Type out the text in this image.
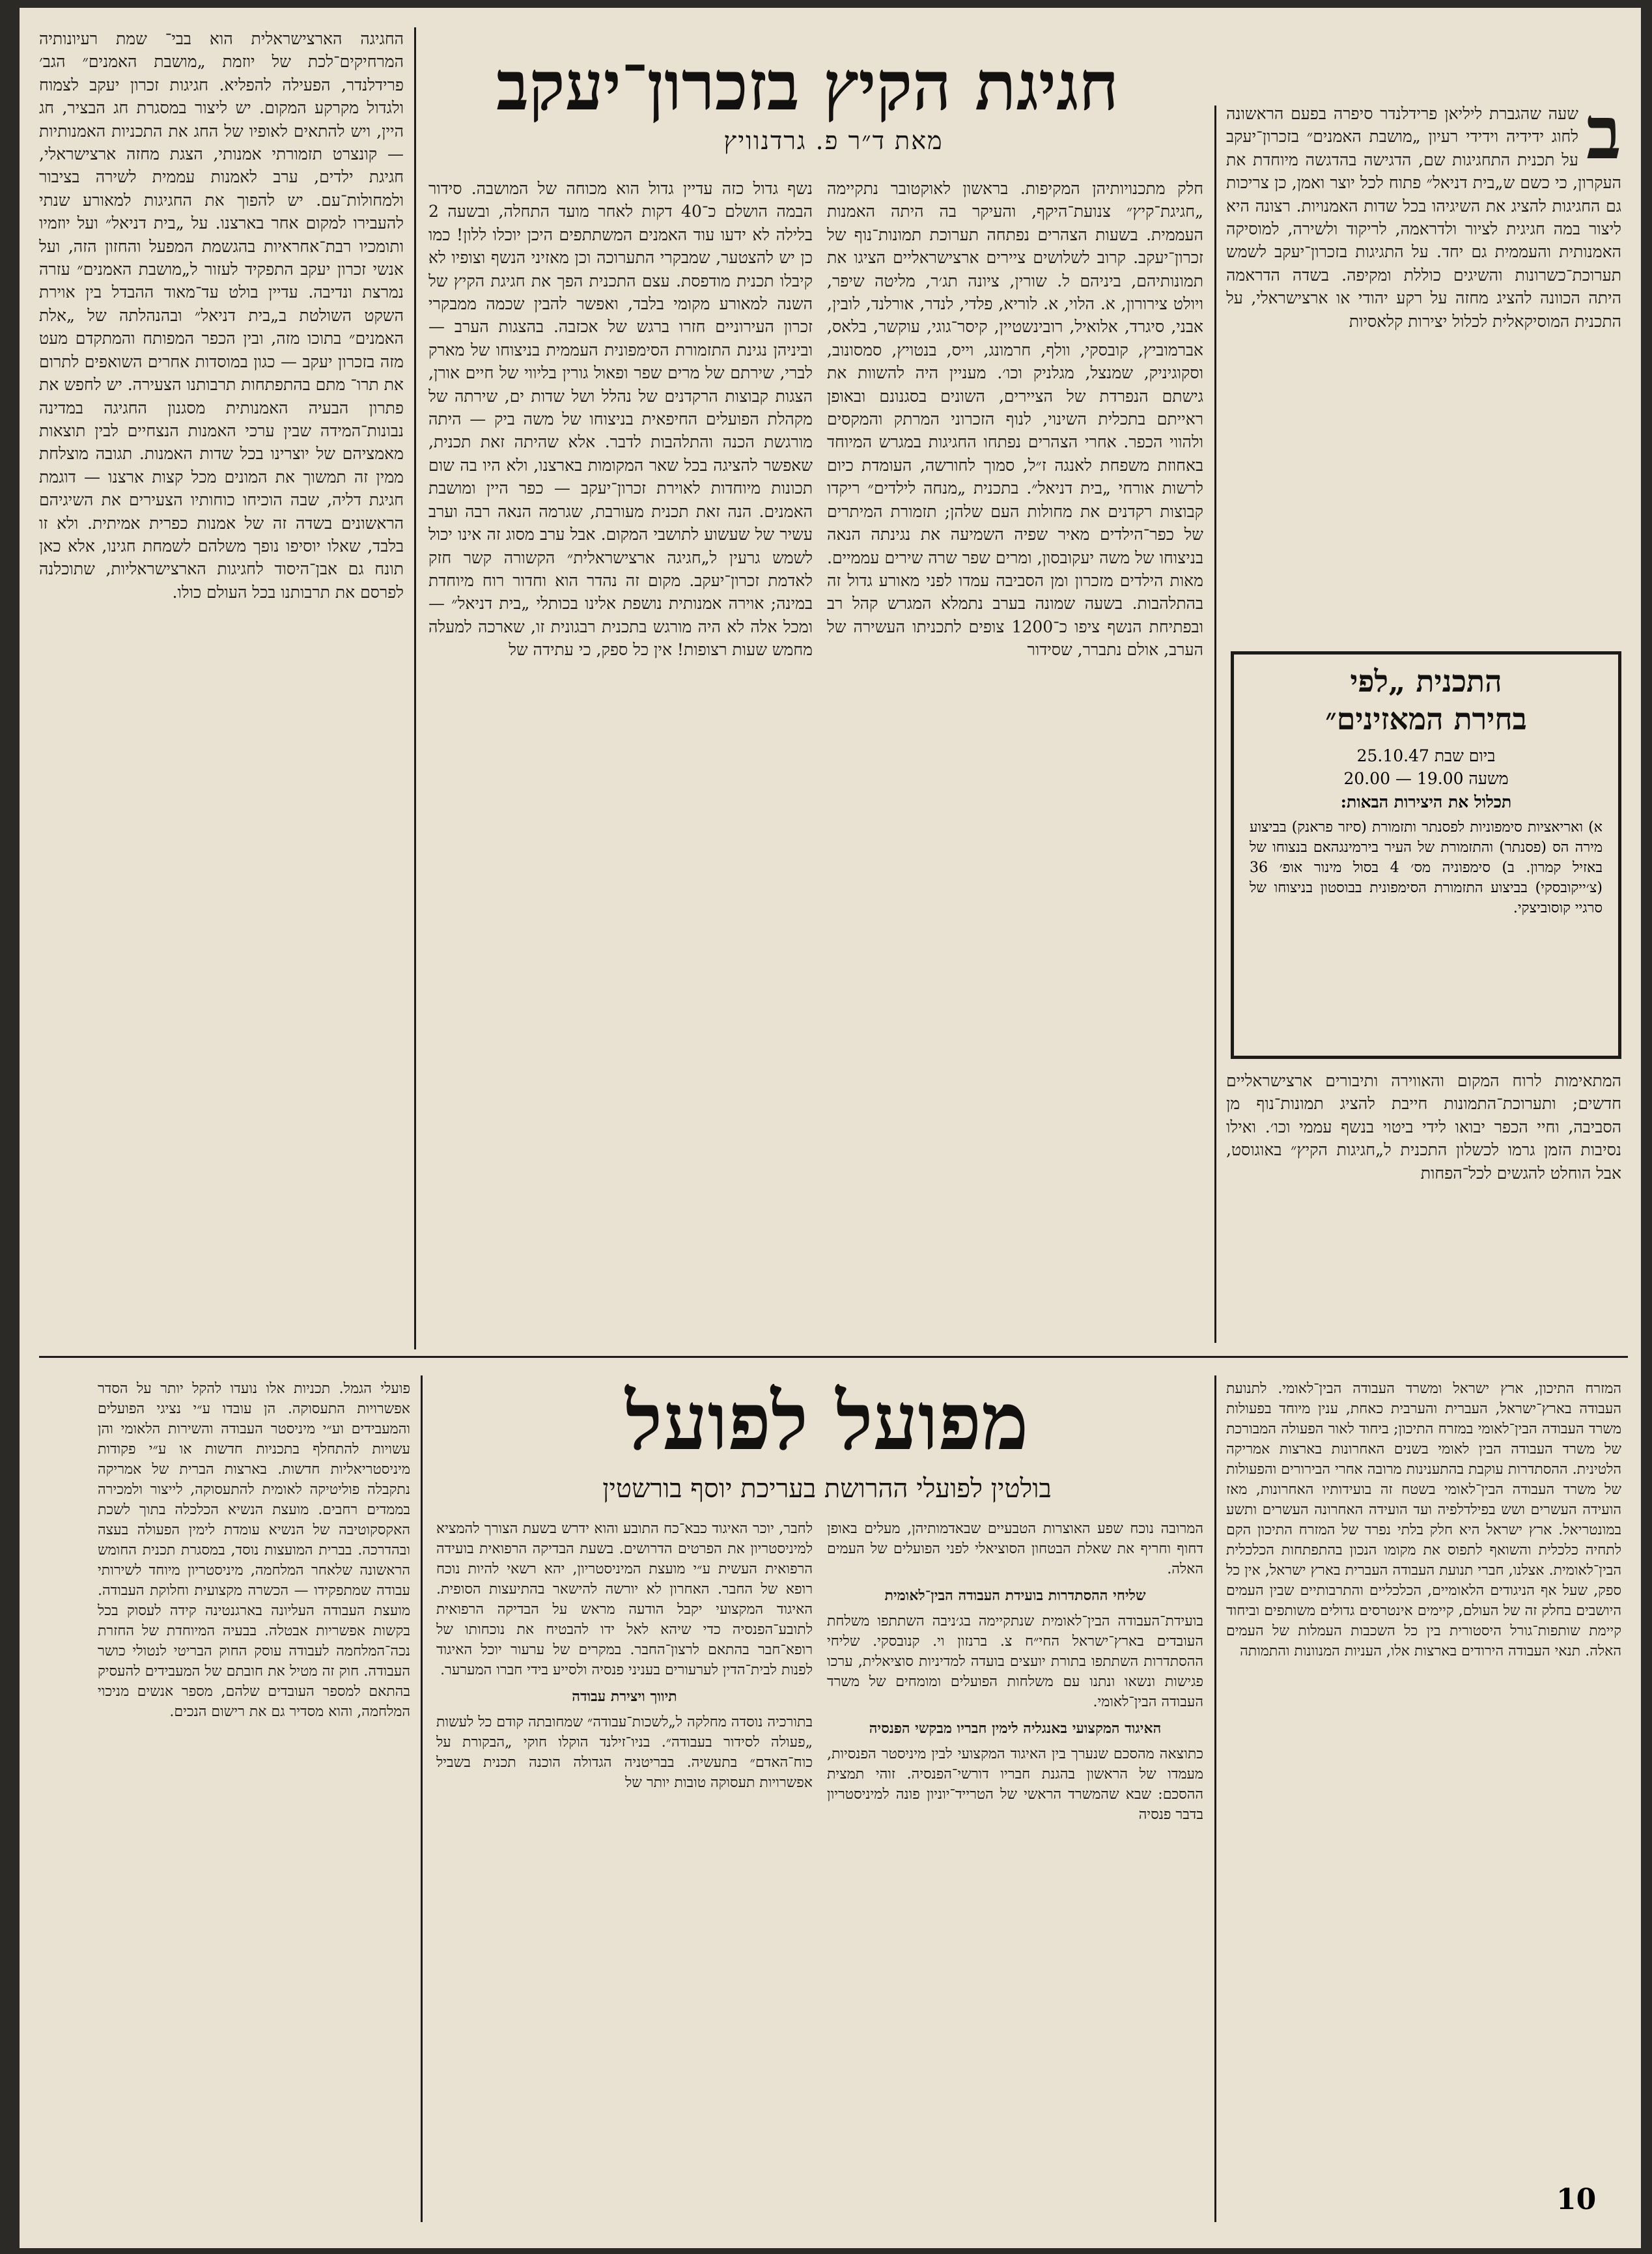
חגיגת הקיץ בזכרון־יעקב
מאת ד״ר פ. גרדנוויץ	ב

שעה שהגברת ליליאן פרידלנדר סיפרה בפעם הראשונה לחוג ידידיה וידידי רעיון „מושבת האמנים״ בזכרון־יעקב על תכנית התחגיגות שם, הדגישה בהדגשה מיוחדת את העקרון, כי כשם ש„בית דניאל״ פתוח לכל יוצר ואמן, כן צריכות גם החגיגות להציג את השיגיהו בכל שדות האמנויות. רצונה היא ליצור במה חגיגית לציור ולדראמה, לריקוד ולשירה, למוסיקה האמנותית והעממית גם יחד. על התגיגות בזכרון־יעקב לשמש תערוכת־כשרונות והשיגים כוללת ומקיפה. בשדה הדראמה היתה הכוונה להציג מחזה על רקע יהודי או ארצישראלי, על התכנית המוסיקאלית לכלול יצירות קלאסיות

התכנית „לפי
בחירת המאזינים״
ביום שבת 25.10.47
משעה 19.00 — 20.00
תכלול את היצירות הבאות:
א) ואריאציות סימפוניות לפסנתר ותזמורת (סיזר פראנק) בביצוע מירה הס (פסנתר) והתזמורת של העיר בירמינגהאם בנצוחו של באזיל קמרון. ב) סימפוניה מס׳ 4 בסול מינור אופ׳ 36 (צ׳ייקובסקי) בביצוע התזמורת הסימפונית בבוסטון בניצוחו של סרגיי קוסוביצקי.

המתאימות לרוח המקום והאווירה ותיבורים ארצישראליים חדשים; ותערוכת־התמונות חייבת להציג תמונות־נוף מן הסביבה, וחיי הכפר יבואו לידי ביטוי בנשף עממי וכו׳. ואילו נסיבות הזמן גרמו לכשלון התכנית ל„חגיגות הקיץ״ באוגוסט, אבל הוחלט להגשים לכל־הפחות

חלק מתכנויותיהן המקיפות. בראשון לאוקטובר נתקיימה „חגיגת־קיץ״ צנועת־היקף, והעיקר בה היתה האמנות העממית. בשעות הצהרים נפתחה תערוכת תמונות־נוף של זכרון־יעקב. קרוב לשלושים ציירים ארצישראליים הציגו את תמונותיהם, ביניהם ל. שורין, ציונה תג׳ר, מליטה שיפר, ויולט צירורון, א. הלוי, א. לוריא, פלדי, לנדר, אורלנד, לובין, אבני, סיגרד, אלואיל, רובינשטיין, קיסר־גוגי, עוקשר, בלאס, אברמוביץ, קובסקי, וולף, חרמונג, וייס, בנטויץ, סמסונוב, וסקוגיניק, שמנצל, מגלניק וכו׳. מעניין היה להשוות את גישתם הנפרדת של הציירים, השונים בסגנונם ובאופן ראייתם בתכלית השינוי, לנוף הזכרוני המרתק והמקסים ולהווי הכפר. אחרי הצהרים נפתחו החגיגות במגרש המיוחד באחוזת משפחת לאנגה ז״ל, סמוך לחורשה, העומדת כיום לרשות אורחי „בית דניאל״. בתכנית „מנחה לילדים״ ריקדו קבוצות רקדנים את מחולות העם שלהן; תזמורת המיתרים של כפר־הילדים מאיר שפיה השמיעה את נגינתה הנאה בניצוחו של משה יעקובסון, ומרים שפר שרה שירים עממיים. מאות הילדים מזכרון ומן הסביבה עמדו לפני מאורע גדול זה בהתלהבות. בשעה שמונה בערב נתמלא המגרש קהל רב ובפתיחת הנשף ציפו כ־1200 צופים לתכניתו העשירה של הערב, אולם נתברר, שסידור

נשף גדול כזה עדיין גדול הוא מכוחה של המושבה. סידור הבמה הושלם כ־40 דקות לאחר מועד התחלה, ובשעה 2 בלילה לא ידעו עוד האמנים המשתתפים היכן יוכלו ללון! כמו כן יש להצטער, שמבקרי התערוכה וכן מאזיני הנשף וצופיו לא קיבלו תכנית מודפסת. עצם התכנית הפך את חגיגת הקיץ של השנה למאורע מקומי בלבד, ואפשר להבין שכמה ממבקרי זכרון העירוניים חזרו ברגש של אכזבה. בהצגות הערב — וביניהן נגינת התזמורת הסימפונית העממית בניצוחו של מארק לברי, שירתם של מרים שפר ופאול גורין בליווי של חיים אורן, הצגות קבוצות הרקדנים של נהלל ושל שדות ים, שירתה של מקהלת הפועלים החיפאית בניצוחו של משה ביק — היתה מורגשת הכנה והתלהבות לדבר. אלא שהיתה זאת תכנית, שאפשר להציגה בכל שאר המקומות בארצנו, ולא היו בה שום תכונות מיוחדות לאוירת זכרון־יעקב — כפר היין ומושבת האמנים. הנה זאת תכנית מעורבת, שגרמה הנאה רבה וערב עשיר של שעשוע לתושבי המקום. אבל ערב מסוג זה אינו יכול לשמש גרעין ל„חגיגה ארצישראלית״ הקשורה קשר חזק לאדמת זכרון־יעקב. מקום זה נהדר הוא וחדור רוח מיוחדת במינה; אוירה אמנותית נושפת אלינו בכותלי „בית דניאל״ — ומכל אלה לא היה מורגש בתכנית רבגונית זו, שארכה למעלה מחמש שעות רצופות! אין כל ספק, כי עתידה של

החגיגה הארצישראלית הוא בבי־ שמת רעיונותיה המרחיקים־לכת של יוזמת „מושבת האמנים״ הגב׳ פרידלנדר, הפעילה להפליא. חגיגות זכרון יעקב לצמוח ולגדול מקרקע המקום. יש ליצור במסגרת חג הבציר, חג היין, ויש להתאים לאופיו של החג את התכניות האמנותיות — קונצרט תזמורתי אמנותי, הצגת מחזה ארצישראלי, חגיגת ילדים, ערב לאמנות עממית לשירה בציבור ולמחולות־עם. יש להפוך את החגיגות למאורע שנתי להעבירו למקום אחר בארצנו. על „בית דניאל״ ועל יוזמיו ותומכיו רבת־אחראיות בהגשמת המפעל והחזון הזה, ועל אנשי זכרון יעקב התפקיד לעזור ל„מושבת האמנים״ עזרה נמרצת ונדיבה. עדיין בולט עד־מאוד ההבדל בין אוירת השקט השולטת ב„בית דניאל״ ובהנהלתה של „אלת האמנים״ בתוכו מזה, ובין הכפר המפותח והמתקדם מעט מזה בזכרון יעקב — כגון במוסדות אחרים השואפים לתרום את תרו־ מתם בהתפתחות תרבותנו הצעירה. יש לחפש את פתרון הבעיה האמנותית מסגנון החגיגה במדינה נבונות־המידה שבין ערכי האמנות הנצחיים לבין תוצאות מאמציהם של יוצרינו בכל שדות האמנות. תגובה מוצלחת ממין זה תמשוך את המונים מכל קצות ארצנו — דוגמת חגיגת דליה, שבה הוכיחו כוחותיו הצעירים את השיגיהם הראשונים בשדה זה של אמנות כפרית אמיתית. ולא זו בלבד, שאלו יוסיפו נופך משלהם לשמחת חגינו, אלא כאן תונח גם אבן־היסוד לחגיגות הארצישראליות, שתוכלנה לפרסם את תרבותנו בכל העולם כולו.

מפועל לפועל
בולטין לפועלי ההרושת בעריכת יוסף בורשטין

המזרח התיכון, ארץ ישראל ומשרד העבודה הבין־לאומי. לתנועת העבודה בארץ־ישראל, העברית והערבית כאחת, ענין מיוחד בפעולות משרד העבודה הבין־לאומי במזרח התיכון; ביחוד לאור הפעולה המבורכת של משרד העבודה הבין לאומי בשנים האחרונות בארצות אמריקה הלטינית. ההסתדרות עוקבת בהתענינות מרובה אחרי הבירורים והפעולות של משרד העבודה הבין־לאומי בשטח זה בועידותיו האחרונות, מאז הועידה העשרים ושש בפילדלפיה ועד הועידה האחרונה העשרים ותשע במונטריאל. ארץ ישראל היא חלק בלתי נפרד של המזרח התיכון הקם לתחיה כלכלית והשואף לתפוס את מקומו הנכון בהתפתחות הכלכלית הבין־לאומית. אצלנו, חברי תנועת העבודה העברית בארץ ישראל, אין כל ספק, שעל אף הניגודים הלאומיים, הכלכליים והתרבותיים שבין העמים היושבים בחלק זה של העולם, קיימים אינטרסים גדולים משותפים וביחוד קיימת שותפות־גורל היסטורית בין כל השכבות העמלות של העמים האלה. תנאי העבודה הירודים בארצות אלו, העניות המנוונות והתמותה

המרובה נוכח שפע האוצרות הטבעיים שבאדמותיהן, מעלים באופן דחוף וחריף את שאלת הבטחון הסוציאלי לפני הפועלים של העמים האלה.

שליחי ההסתדרות בועידת העבודה הבין־לאומית

בועידת־העבודה הבין־לאומית שנתקיימה בג׳ניבה השתתפו משלחת העובדים בארץ־ישראל החי״ח צ. ברנזון וי. קנובסקי. שליחי ההסתדרות השתתפו בתורת יועצים בועדה למדיניות סוציאלית, ערכו פגישות ונשאו ונתנו עם משלחות הפועלים ומומחים של משרד העבודה הבין־לאומי.

האיגוד המקצועי באנגליה לימין חבריו מבקשי הפנסיה

כתוצאה מהסכם שנערך בין האיגוד המקצועי לבין מיניסטר הפנסיות, מעמדו של הראשון בהגנת חבריו דורשי־הפנסיה. זוהי תמצית ההסכם: שבא שהמשרד הראשי של הטרייד־יוניון פונה למיניסטריון בדבר פנסיה

לחבר, יוכר האיגוד כבא־כח התובע והוא ידרש בשעת הצורך להמציא למיניסטריון את הפרטים הדרושים. בשעת הבדיקה הרפואית בועידה הרפואית העשית ע״י מועצת המיניסטריון, יהא רשאי להיות נוכח רופא של החבר. האחרון לא יורשה להישאר בהתיעצות הסופית. האיגוד המקצועי יקבל הודעה מראש על הבדיקה הרפואית לתובע־הפנסיה כדי שיהא לאל ידו להבטיח את נוכחותו של רופא־חבר בהתאם לרצון־החבר. במקרים של ערעור יוכל האיגוד לפנות לבית־הדין לערעורים בעניני פנסיה ולסייע בידי חברו המערער.

תיווך ויצירת עבודה

בתורכיה נוסדה מחלקה ל„לשכות־עבודה״ שמחובתה קודם כל לעשות „פעולה לסידור בעבודה״. בניו־זילנד הוקלו חוקי „הבקורת על כוח־האדם״ בתעשיה. בבריטניה הגדולה הוכנה תכנית בשביל אפשרויות תעסוקה טובות יותר של

פועלי הגמל. תכניות אלו נועדו להקל יותר על הסדר אפשרויות התעסוקה. הן עובדו ע״י נציגי הפועלים והמעבידים וע״י מיניסטר העבודה והשירות הלאומי והן עשויות להתחלף בתכניות חדשות או ע״י פקודות מיניסטריאליות חדשות. בארצות הברית של אמריקה נתקבלה פוליטיקה לאומית להתעסוקה, לייצור ולמכירה בממדים רחבים. מועצת הנשיא הכלכלה בתוך לשכת האקסקוטיבה של הנשיא עומדת לימין הפעולה בעצה ובהדרכה. בברית המועצות נוסד, במסגרת תכנית החומש הראשונה שלאחר המלחמה, מיניסטריון מיוחד לשירותי עבודה שמתפקידו — הכשרה מקצועית וחלוקת העבודה. מועצת העבודה העליונה בארגנטינה קידה לעסוק בכל בקשות אפשריות אבטלה. בבעיה המיוחדת של החזרת נכה־המלחמה לעבודה עוסק החוק הבריטי לנטולי כושר העבודה. חוק זה מטיל את חובתם של המעבידים להעסיק בהתאם למספר העובדים שלהם, מספר אנשים מניכוי המלחמה, והוא מסדיר גם את רישום הנכים.

10
